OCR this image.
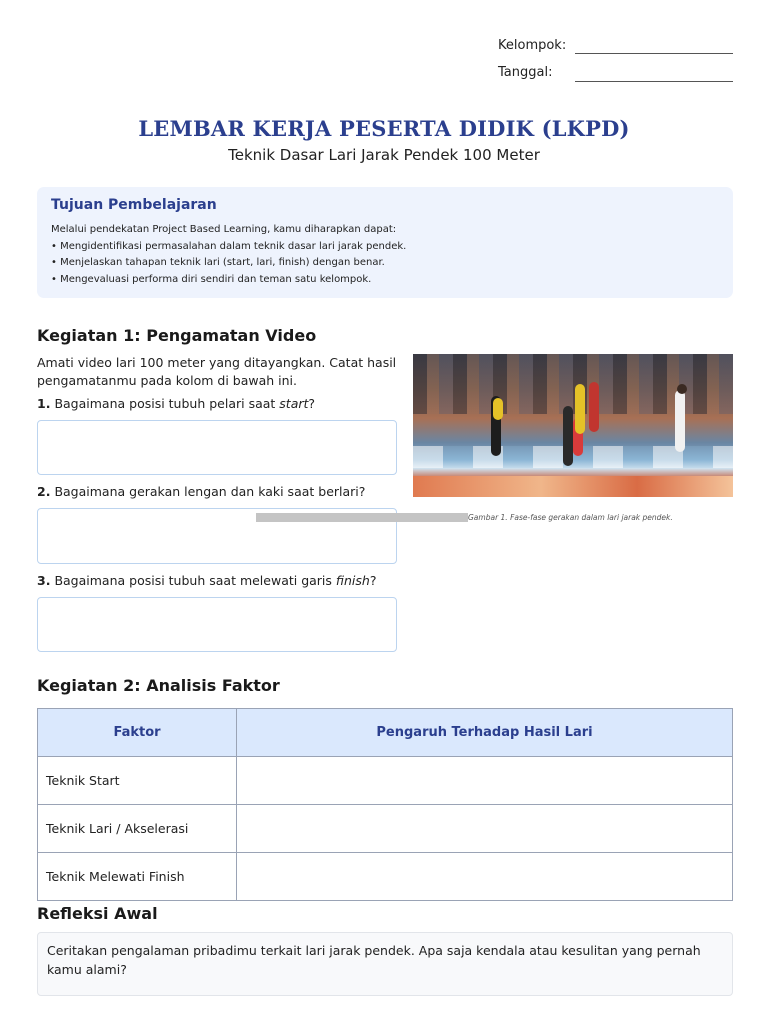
Kelompok:
Tanggal:
LEMBAR KERJA PESERTA DIDIK (LKPD)
Teknik Dasar Lari Jarak Pendek 100 Meter
Tujuan Pembelajaran
Melalui pendekatan Project Based Learning, kamu diharapkan dapat:
• Mengidentifikasi permasalahan dalam teknik dasar lari jarak pendek.
• Menjelaskan tahapan teknik lari (start, lari, finish) dengan benar.
• Mengevaluasi performa diri sendiri dan teman satu kelompok.
Kegiatan 1: Pengamatan Video
Amati video lari 100 meter yang ditayangkan. Catat hasil pengamatanmu pada kolom di bawah ini.
1. Bagaimana posisi tubuh pelari saat start?
2. Bagaimana gerakan lengan dan kaki saat berlari?
3. Bagaimana posisi tubuh saat melewati garis finish?
Gambar 1. Fase-fase gerakan dalam lari jarak pendek.
Kegiatan 2: Analisis Faktor
Faktor	Pengaruh Terhadap Hasil Lari
Teknik Start	
Teknik Lari / Akselerasi	
Teknik Melewati Finish	
Refleksi Awal
Ceritakan pengalaman pribadimu terkait lari jarak pendek. Apa saja kendala atau kesulitan yang pernah kamu alami?
